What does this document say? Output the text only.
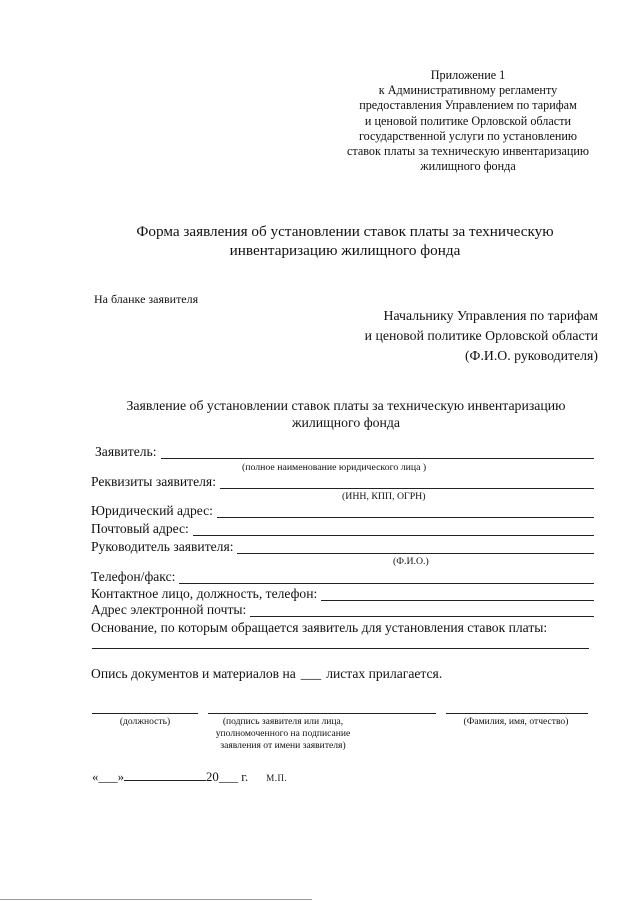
Приложение 1
к Административному регламенту
предоставления Управлением по тарифам
и ценовой политике Орловской области
государственной услуги по установлению
ставок платы за техническую инвентаризацию
жилищного фонда
Форма заявления об установлении ставок платы за техническую
инвентаризацию жилищного фонда
На бланке заявителя
Начальнику Управления по тарифам
и ценовой политике Орловской области
(Ф.И.О. руководителя)
Заявление об установлении ставок платы за техническую инвентаризацию
жилищного фонда
Заявитель:
(полное наименование юридического лица )
Реквизиты заявителя:
(ИНН, КПП, ОГРН)
Юридический адрес:
Почтовый адрес:
Руководитель заявителя:
(Ф.И.О.)
Телефон/факс:
Контактное лицо, должность, телефон:
Адрес электронной почты:
Основание, по которым обращается заявитель для установления ставок платы:
Опись документов и материалов на ___ листах прилагается.
(должность)	(подпись заявителя или лица,
уполномоченного на подписание
заявления от имени заявителя)
(Фамилия, имя, отчество)
«___»	20___ г. М.П.
